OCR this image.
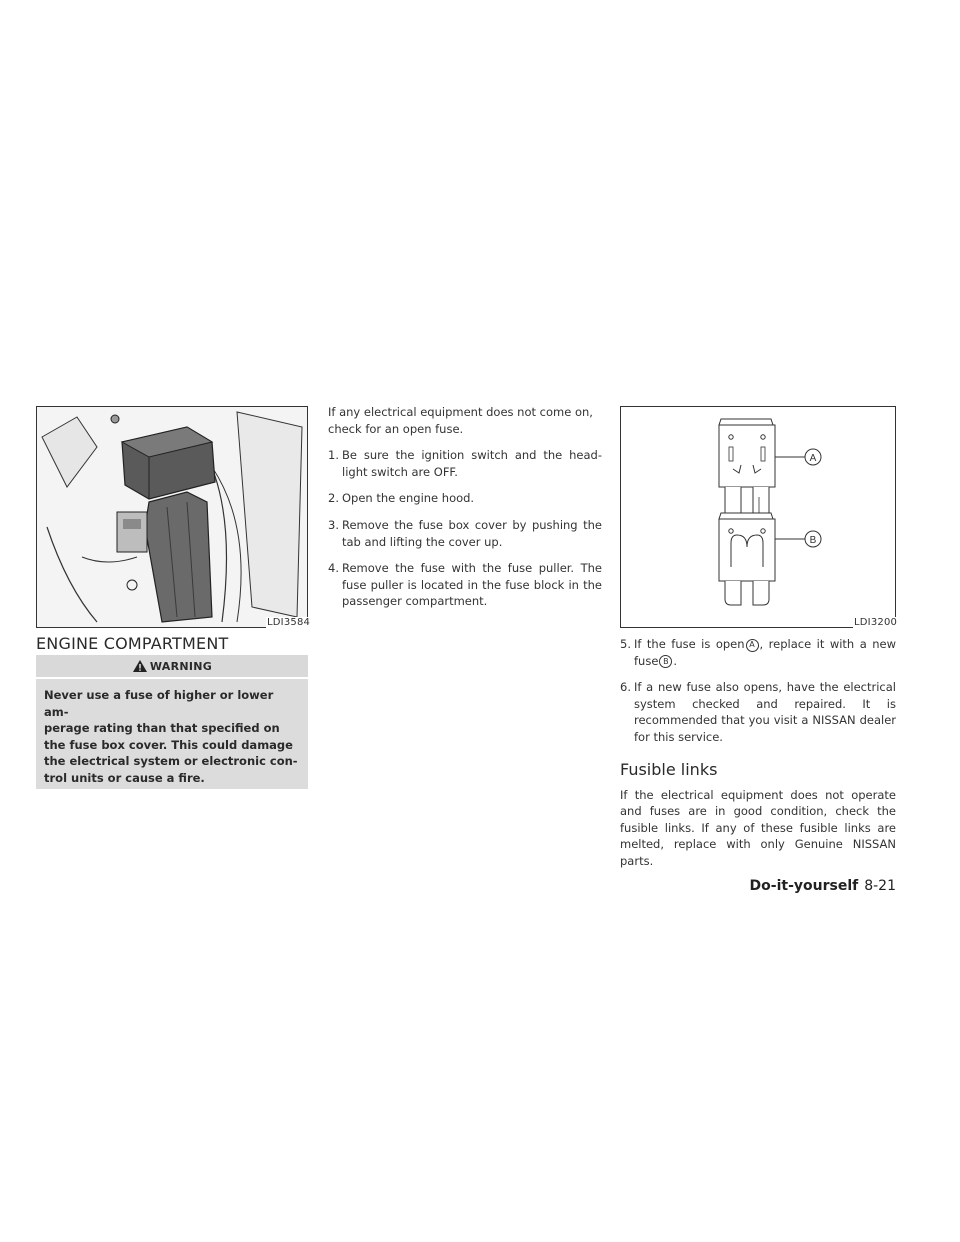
LDI3584
ENGINE COMPARTMENT
WARNING
Never use a fuse of higher or lower am-
perage rating than that specified on
the fuse box cover. This could damage
the electrical system or electronic con-
trol units or cause a fire.
If any electrical equipment does not come on, check for an open fuse.
1. Be sure the ignition switch and the head-light switch are OFF.
2. Open the engine hood.
3. Remove the fuse box cover by pushing the tab and lifting the cover up.
4. Remove the fuse with the fuse puller. The fuse puller is located in the fuse block in the passenger compartment.
A
B
LDI3200
5. If the fuse is open A , replace it with a new fuse B .
6. If a new fuse also opens, have the electrical system checked and repaired. It is recommended that you visit a NISSAN dealer for this service.
Fusible links
If the electrical equipment does not operate and fuses are in good condition, check the fusible links. If any of these fusible links are melted, replace with only Genuine NISSAN parts.
Do-it-yourself 8-21
